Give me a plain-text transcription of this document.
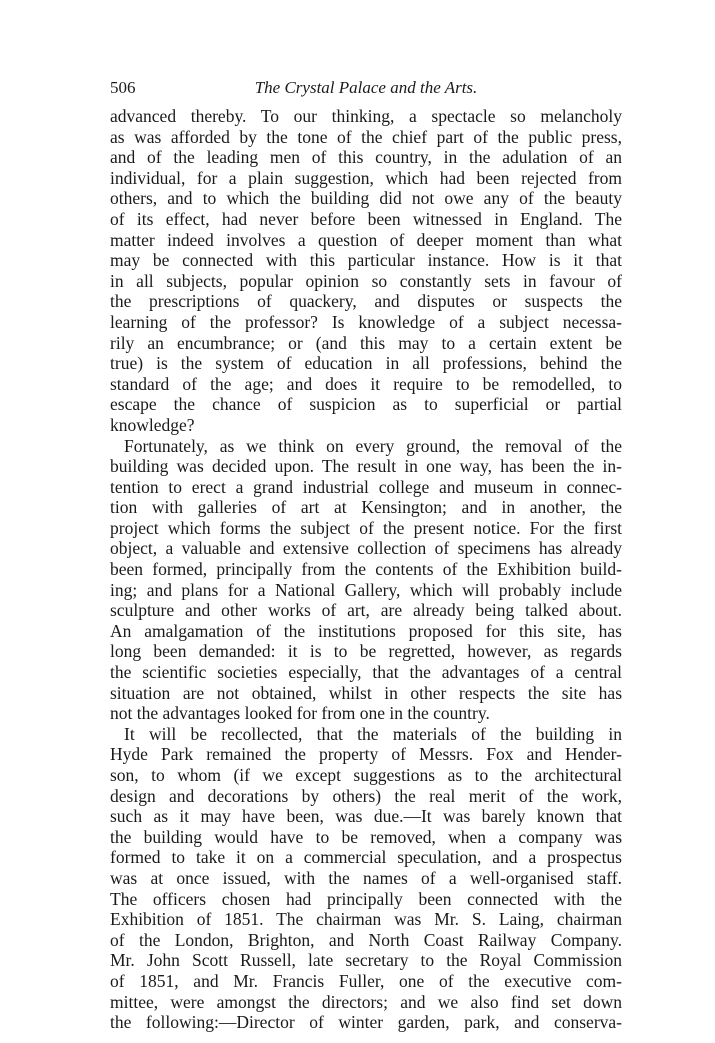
506	The Crystal Palace and the Arts.
advanced thereby. To our thinking, a spectacle so melancholy
as was afforded by the tone of the chief part of the public press,
and of the leading men of this country, in the adulation of an
individual, for a plain suggestion, which had been rejected from
others, and to which the building did not owe any of the beauty
of its effect, had never before been witnessed in England. The
matter indeed involves a question of deeper moment than what
may be connected with this particular instance. How is it that
in all subjects, popular opinion so constantly sets in favour of
the prescriptions of quackery, and disputes or suspects the
learning of the professor? Is knowledge of a subject necessa-
rily an encumbrance; or (and this may to a certain extent be
true) is the system of education in all professions, behind the
standard of the age; and does it require to be remodelled, to
escape the chance of suspicion as to superficial or partial
knowledge?
Fortunately, as we think on every ground, the removal of the
building was decided upon. The result in one way, has been the in-
tention to erect a grand industrial college and museum in connec-
tion with galleries of art at Kensington; and in another, the
project which forms the subject of the present notice. For the first
object, a valuable and extensive collection of specimens has already
been formed, principally from the contents of the Exhibition build-
ing; and plans for a National Gallery, which will probably include
sculpture and other works of art, are already being talked about.
An amalgamation of the institutions proposed for this site, has
long been demanded: it is to be regretted, however, as regards
the scientific societies especially, that the advantages of a central
situation are not obtained, whilst in other respects the site has
not the advantages looked for from one in the country.
It will be recollected, that the materials of the building in
Hyde Park remained the property of Messrs. Fox and Hender-
son, to whom (if we except suggestions as to the architectural
design and decorations by others) the real merit of the work,
such as it may have been, was due.—It was barely known that
the building would have to be removed, when a company was
formed to take it on a commercial speculation, and a prospectus
was at once issued, with the names of a well-organised staff.
The officers chosen had principally been connected with the
Exhibition of 1851. The chairman was Mr. S. Laing, chairman
of the London, Brighton, and North Coast Railway Company.
Mr. John Scott Russell, late secretary to the Royal Commission
of 1851, and Mr. Francis Fuller, one of the executive com-
mittee, were amongst the directors; and we also find set down
the following:—Director of winter garden, park, and conserva-
